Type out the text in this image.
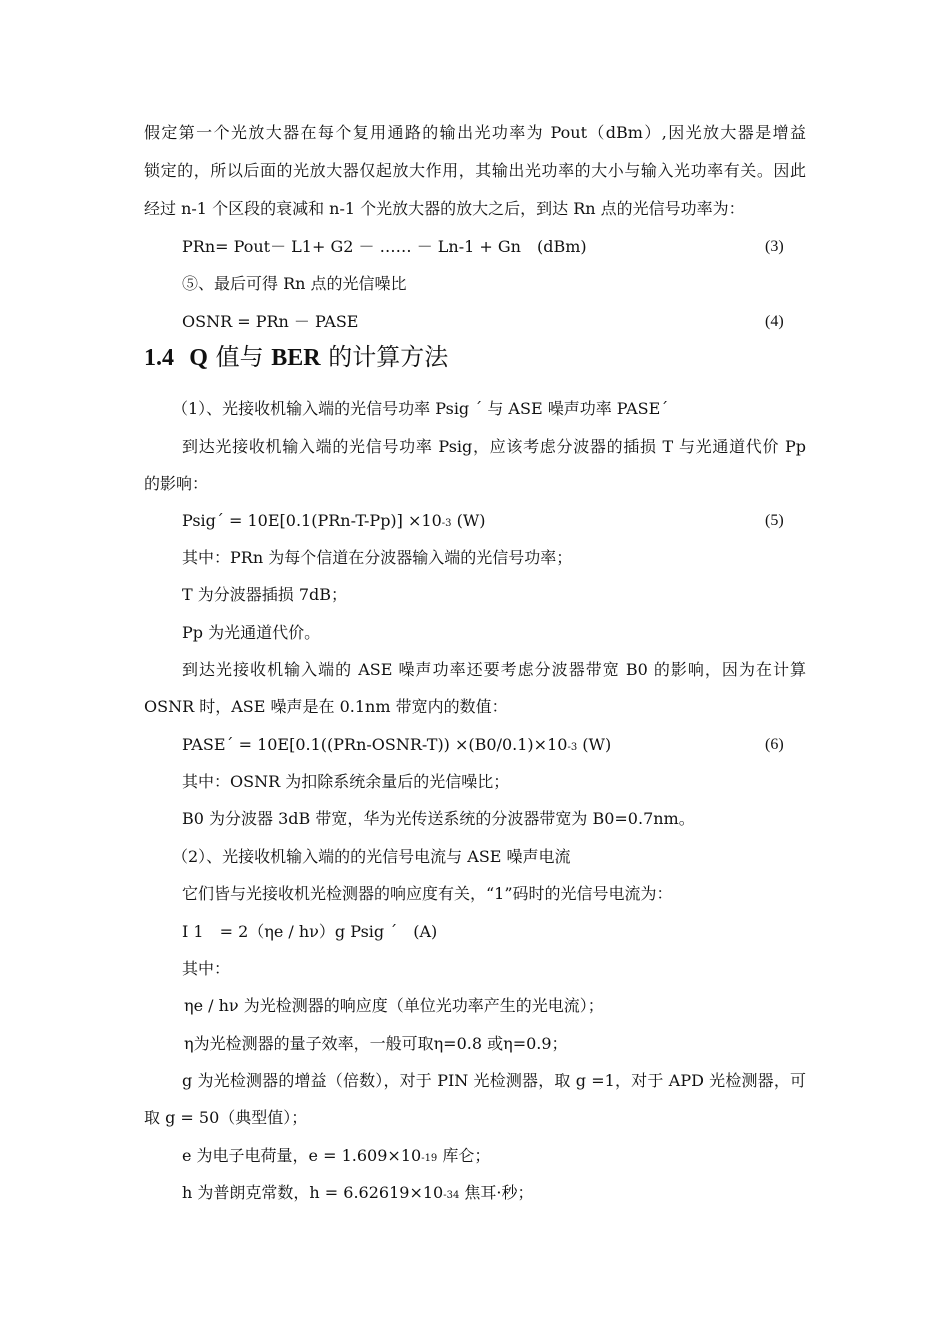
假定第一个光放大器在每个复用通路的输出光功率为 Pout（dBm）,因光放大器是增益
锁定的，所以后面的光放大器仅起放大作用，其输出光功率的大小与输入光功率有关。因此
经过 n-1 个区段的衰减和 n-1 个光放大器的放大之后，到达 Rn 点的光信号功率为：
PRn= Pout－ L1+ G2 － …… － Ln-1 + Gn　(dBm)	(3)
⑤、最后可得 Rn 点的光信噪比
OSNR = PRn － PASE	(4)
1.4 Q 值与 BER 的计算方法
（1）、光接收机输入端的光信号功率 Psig ´ 与 ASE 噪声功率 PASE´
到达光接收机输入端的光信号功率 Psig，应该考虑分波器的插损 T 与光通道代价 Pp
的影响：
Psig´ = 10E[0.1(PRn-T-Pp)] ×10-3 (W)	(5)
其中：PRn 为每个信道在分波器输入端的光信号功率；
T 为分波器插损 7dB；
Pp 为光通道代价。
到达光接收机输入端的 ASE 噪声功率还要考虑分波器带宽 B0 的影响，因为在计算
OSNR 时，ASE 噪声是在 0.1nm 带宽内的数值：
PASE´ = 10E[0.1((PRn-OSNR-T)) ×(B0/0.1)×10-3 (W)	(6)
其中：OSNR 为扣除系统余量后的光信噪比；
B0 为分波器 3dB 带宽，华为光传送系统的分波器带宽为 B0=0.7nm。
（2）、光接收机输入端的的光信号电流与 ASE 噪声电流
它们皆与光接收机光检测器的响应度有关，“1”码时的光信号电流为：
I 1　= 2（ηe / hν）g Psig ´　(A)
其中：
ηe / hν 为光检测器的响应度（单位光功率产生的光电流）；
η为光检测器的量子效率，一般可取η=0.8 或η=0.9；
g 为光检测器的增益（倍数），对于 PIN 光检测器，取 g =1，对于 APD 光检测器，可
取 g = 50（典型值）；
e 为电子电荷量，e = 1.609×10-19 库仑；
h 为普朗克常数，h = 6.62619×10-34 焦耳·秒；
